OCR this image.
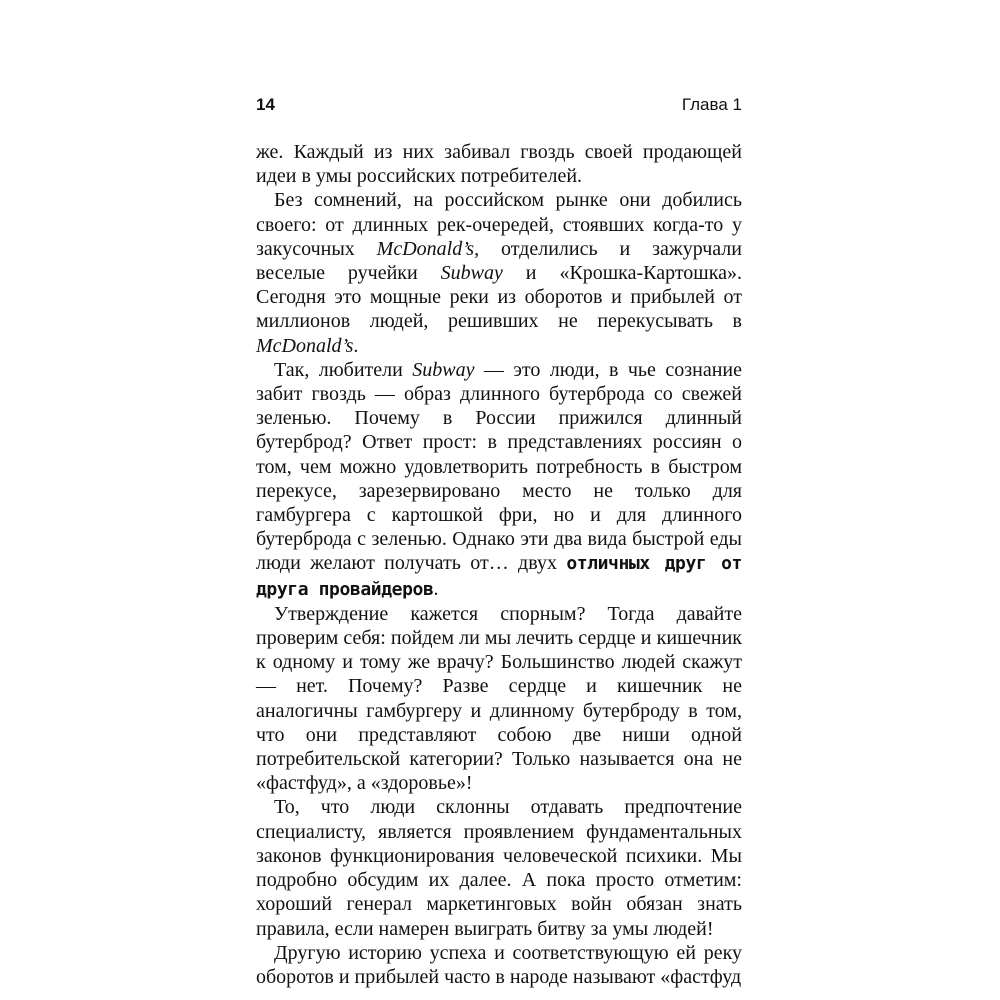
14	Глава 1

же. Каждый из них забивал гвоздь своей продающей идеи в умы российских потребителей.

Без сомнений, на российском рынке они добились своего: от длинных рек-очередей, стоявших когда-то у закусочных McDonald’s, отделились и зажурчали веселые ручейки Subway и «Крошка-Картошка». Сегодня это мощные реки из оборотов и прибылей от миллионов людей, решивших не перекусывать в McDonald’s.

Так, любители Subway — это люди, в чье сознание забит гвоздь — образ длинного бутерброда со свежей зеленью. Почему в России прижился длинный бутерброд? Ответ прост: в представлениях россиян о том, чем можно удовлетворить потребность в быстром перекусе, зарезервировано место не только для гамбургера с картошкой фри, но и для длинного бутерброда с зеленью. Однако эти два вида быстрой еды люди желают получать от… двух отличных друг от друга провайдеров.

Утверждение кажется спорным? Тогда давайте проверим себя: пойдем ли мы лечить сердце и кишечник к одному и тому же врачу? Большинство людей скажут — нет. Почему? Разве сердце и кишечник не аналогичны гамбургеру и длинному бутерброду в том, что они представляют собою две ниши одной потребительской категории? Только называется она не «фастфуд», а «здоровье»!

То, что люди склонны отдавать предпочтение специалисту, является проявлением фундаментальных законов функционирования человеческой психики. Мы подробно обсудим их далее. А пока просто отметим: хороший генерал маркетинговых войн обязан знать правила, если намерен выиграть битву за умы людей!

Другую историю успеха и соответствующую ей реку оборотов и прибылей часто в народе называют «фастфуд
